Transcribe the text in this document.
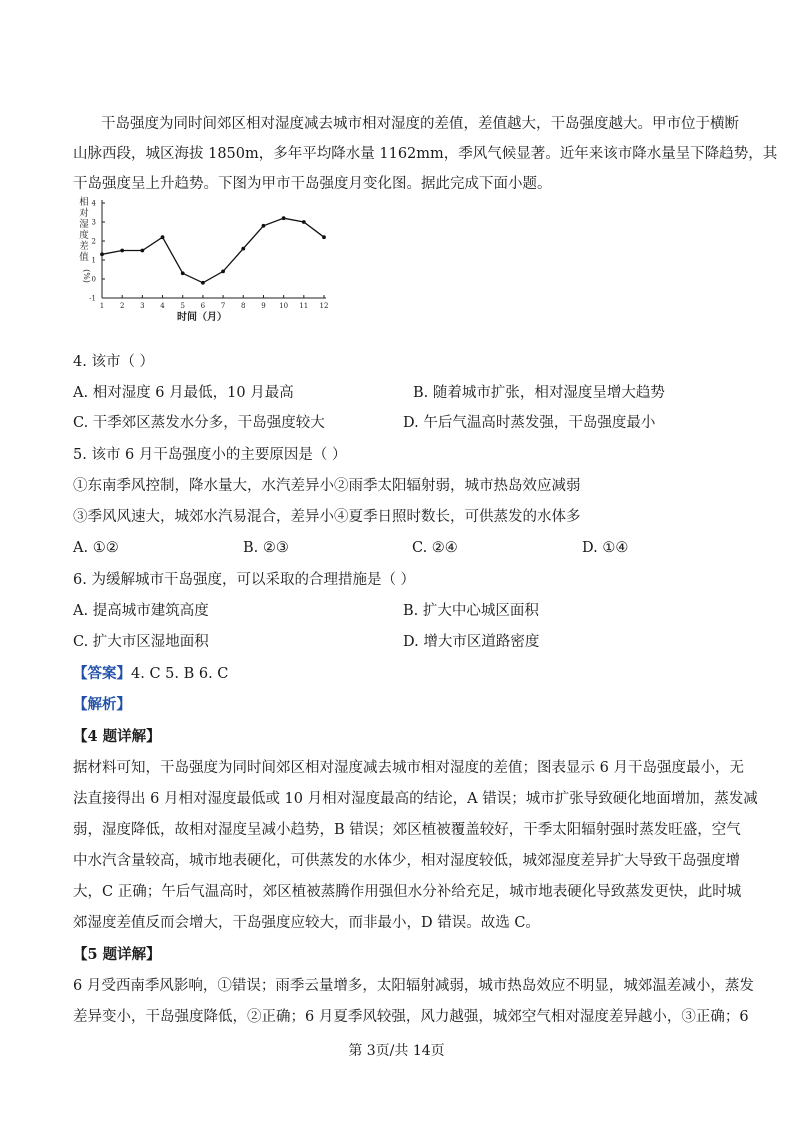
干岛强度为同时间郊区相对湿度减去城市相对湿度的差值，差值越大，干岛强度越大。甲市位于横断
山脉西段，城区海拔 1850m，多年平均降水量 1162mm，季风气候显著。近年来该市降水量呈下降趋势，其
干岛强度呈上升趋势。下图为甲市干岛强度月变化图。据此完成下面小题。
4
3
2
1
0
-1
1 2 3 4 5 6 7 8 9 10 11 12
相
对
湿
度
差
值
(%)
时间（月）
4. 该市（ ）
A. 相对湿度 6 月最低，10 月最高	B. 随着城市扩张，相对湿度呈增大趋势
C. 干季郊区蒸发水分多，干岛强度较大	D. 午后气温高时蒸发强，干岛强度最小
5. 该市 6 月干岛强度小的主要原因是（ ）
①东南季风控制，降水量大，水汽差异小②雨季太阳辐射弱，城市热岛效应减弱
③季风风速大，城郊水汽易混合，差异小④夏季日照时数长，可供蒸发的水体多
A. ①②	B. ②③	C. ②④	D. ①④
6. 为缓解城市干岛强度，可以采取的合理措施是（ ）
A. 提高城市建筑高度	B. 扩大中心城区面积
C. 扩大市区湿地面积	D. 增大市区道路密度
【答案】4. C 5. B 6. C
【解析】
【4 题详解】
据材料可知，干岛强度为同时间郊区相对湿度减去城市相对湿度的差值；图表显示 6 月干岛强度最小，无
法直接得出 6 月相对湿度最低或 10 月相对湿度最高的结论，A 错误；城市扩张导致硬化地面增加，蒸发减
弱，湿度降低，故相对湿度呈减小趋势，B 错误；郊区植被覆盖较好，干季太阳辐射强时蒸发旺盛，空气
中水汽含量较高，城市地表硬化，可供蒸发的水体少，相对湿度较低，城郊湿度差异扩大导致干岛强度增
大，C 正确；午后气温高时，郊区植被蒸腾作用强但水分补给充足，城市地表硬化导致蒸发更快，此时城
郊湿度差值反而会增大，干岛强度应较大，而非最小，D 错误。故选 C。
【5 题详解】
6 月受西南季风影响，①错误；雨季云量增多，太阳辐射减弱，城市热岛效应不明显，城郊温差减小，蒸发
差异变小，干岛强度降低，②正确；6 月夏季风较强，风力越强，城郊空气相对湿度差异越小，③正确；6
第 3页/共 14页
